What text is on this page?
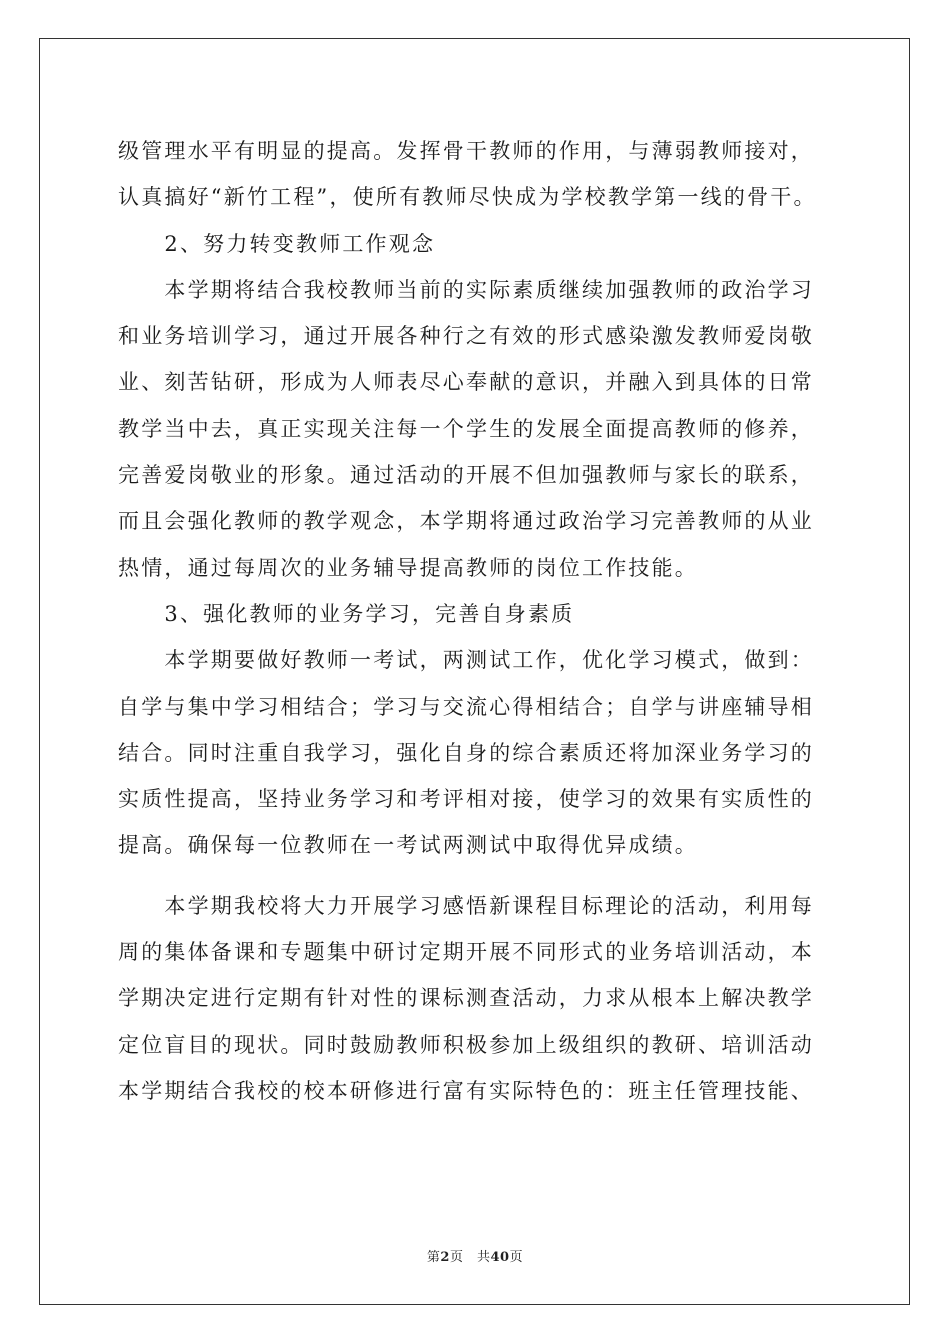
级管理水平有明显的提高。发挥骨干教师的作用，与薄弱教师接对，
认真搞好“新竹工程”，使所有教师尽快成为学校教学第一线的骨干。
　　2、努力转变教师工作观念
　　本学期将结合我校教师当前的实际素质继续加强教师的政治学习
和业务培训学习，通过开展各种行之有效的形式感染激发教师爱岗敬
业、刻苦钻研，形成为人师表尽心奉献的意识，并融入到具体的日常
教学当中去，真正实现关注每一个学生的发展全面提高教师的修养，
完善爱岗敬业的形象。通过活动的开展不但加强教师与家长的联系，
而且会强化教师的教学观念，本学期将通过政治学习完善教师的从业
热情，通过每周次的业务辅导提高教师的岗位工作技能。
　　3、强化教师的业务学习，完善自身素质
　　本学期要做好教师一考试，两测试工作，优化学习模式，做到：
自学与集中学习相结合；学习与交流心得相结合；自学与讲座辅导相
结合。同时注重自我学习，强化自身的综合素质还将加深业务学习的
实质性提高，坚持业务学习和考评相对接，使学习的效果有实质性的
提高。确保每一位教师在一考试两测试中取得优异成绩。
　　本学期我校将大力开展学习感悟新课程目标理论的活动，利用每
周的集体备课和专题集中研讨定期开展不同形式的业务培训活动，本
学期决定进行定期有针对性的课标测查活动，力求从根本上解决教学
定位盲目的现状。同时鼓励教师积极参加上级组织的教研、培训活动
本学期结合我校的校本研修进行富有实际特色的：班主任管理技能、
第2页　共40页
